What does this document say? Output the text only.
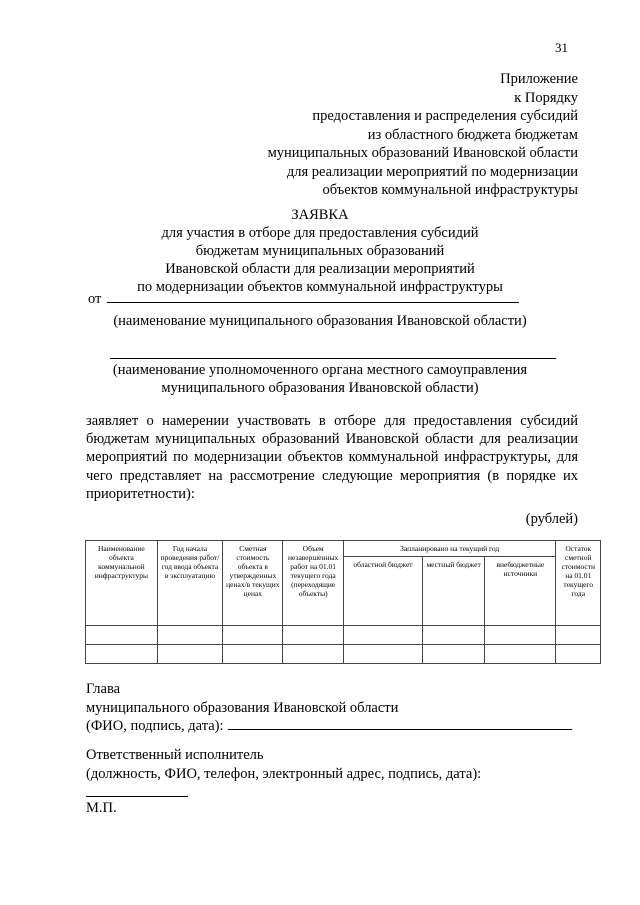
31
Приложение
к Порядку
предоставления и распределения субсидий
из областного бюджета бюджетам
муниципальных образований Ивановской области
для реализации мероприятий по модернизации
объектов коммунальной инфраструктуры
ЗАЯВКА
для участия в отборе для предоставления субсидий
бюджетам муниципальных образований
Ивановской области для реализации мероприятий
по модернизации объектов коммунальной инфраструктуры
от
(наименование муниципального образования Ивановской области)
(наименование уполномоченного органа местного самоуправления
муниципального образования Ивановской области)
заявляет о намерении участвовать в отборе для предоставления субсидий бюджетам муниципальных образований Ивановской области для реализации мероприятий по модернизации объектов коммунальной инфраструктуры, для чего представляет на рассмотрение следующие мероприятия (в порядке их приоритетности):
(рублей)
Наименование объекта коммунальной инфраструктуры	Год начала проведения работ/год ввода объекта в эксплуатацию	Сметная стоимость объекта в утвержденных ценах/в текущих ценах	Объем незавершенных работ на 01.01 текущего года (переходящие объекты)	Запланировано на текущий год			Остаток сметной стоимости на 01.01 текущего года
				областной бюджет	местный бюджет	внебюджетные источники	

Глава
муниципального образования Ивановской области
(ФИО, подпись, дата):
Ответственный исполнитель
(должность, ФИО, телефон, электронный адрес, подпись, дата):
М.П.
